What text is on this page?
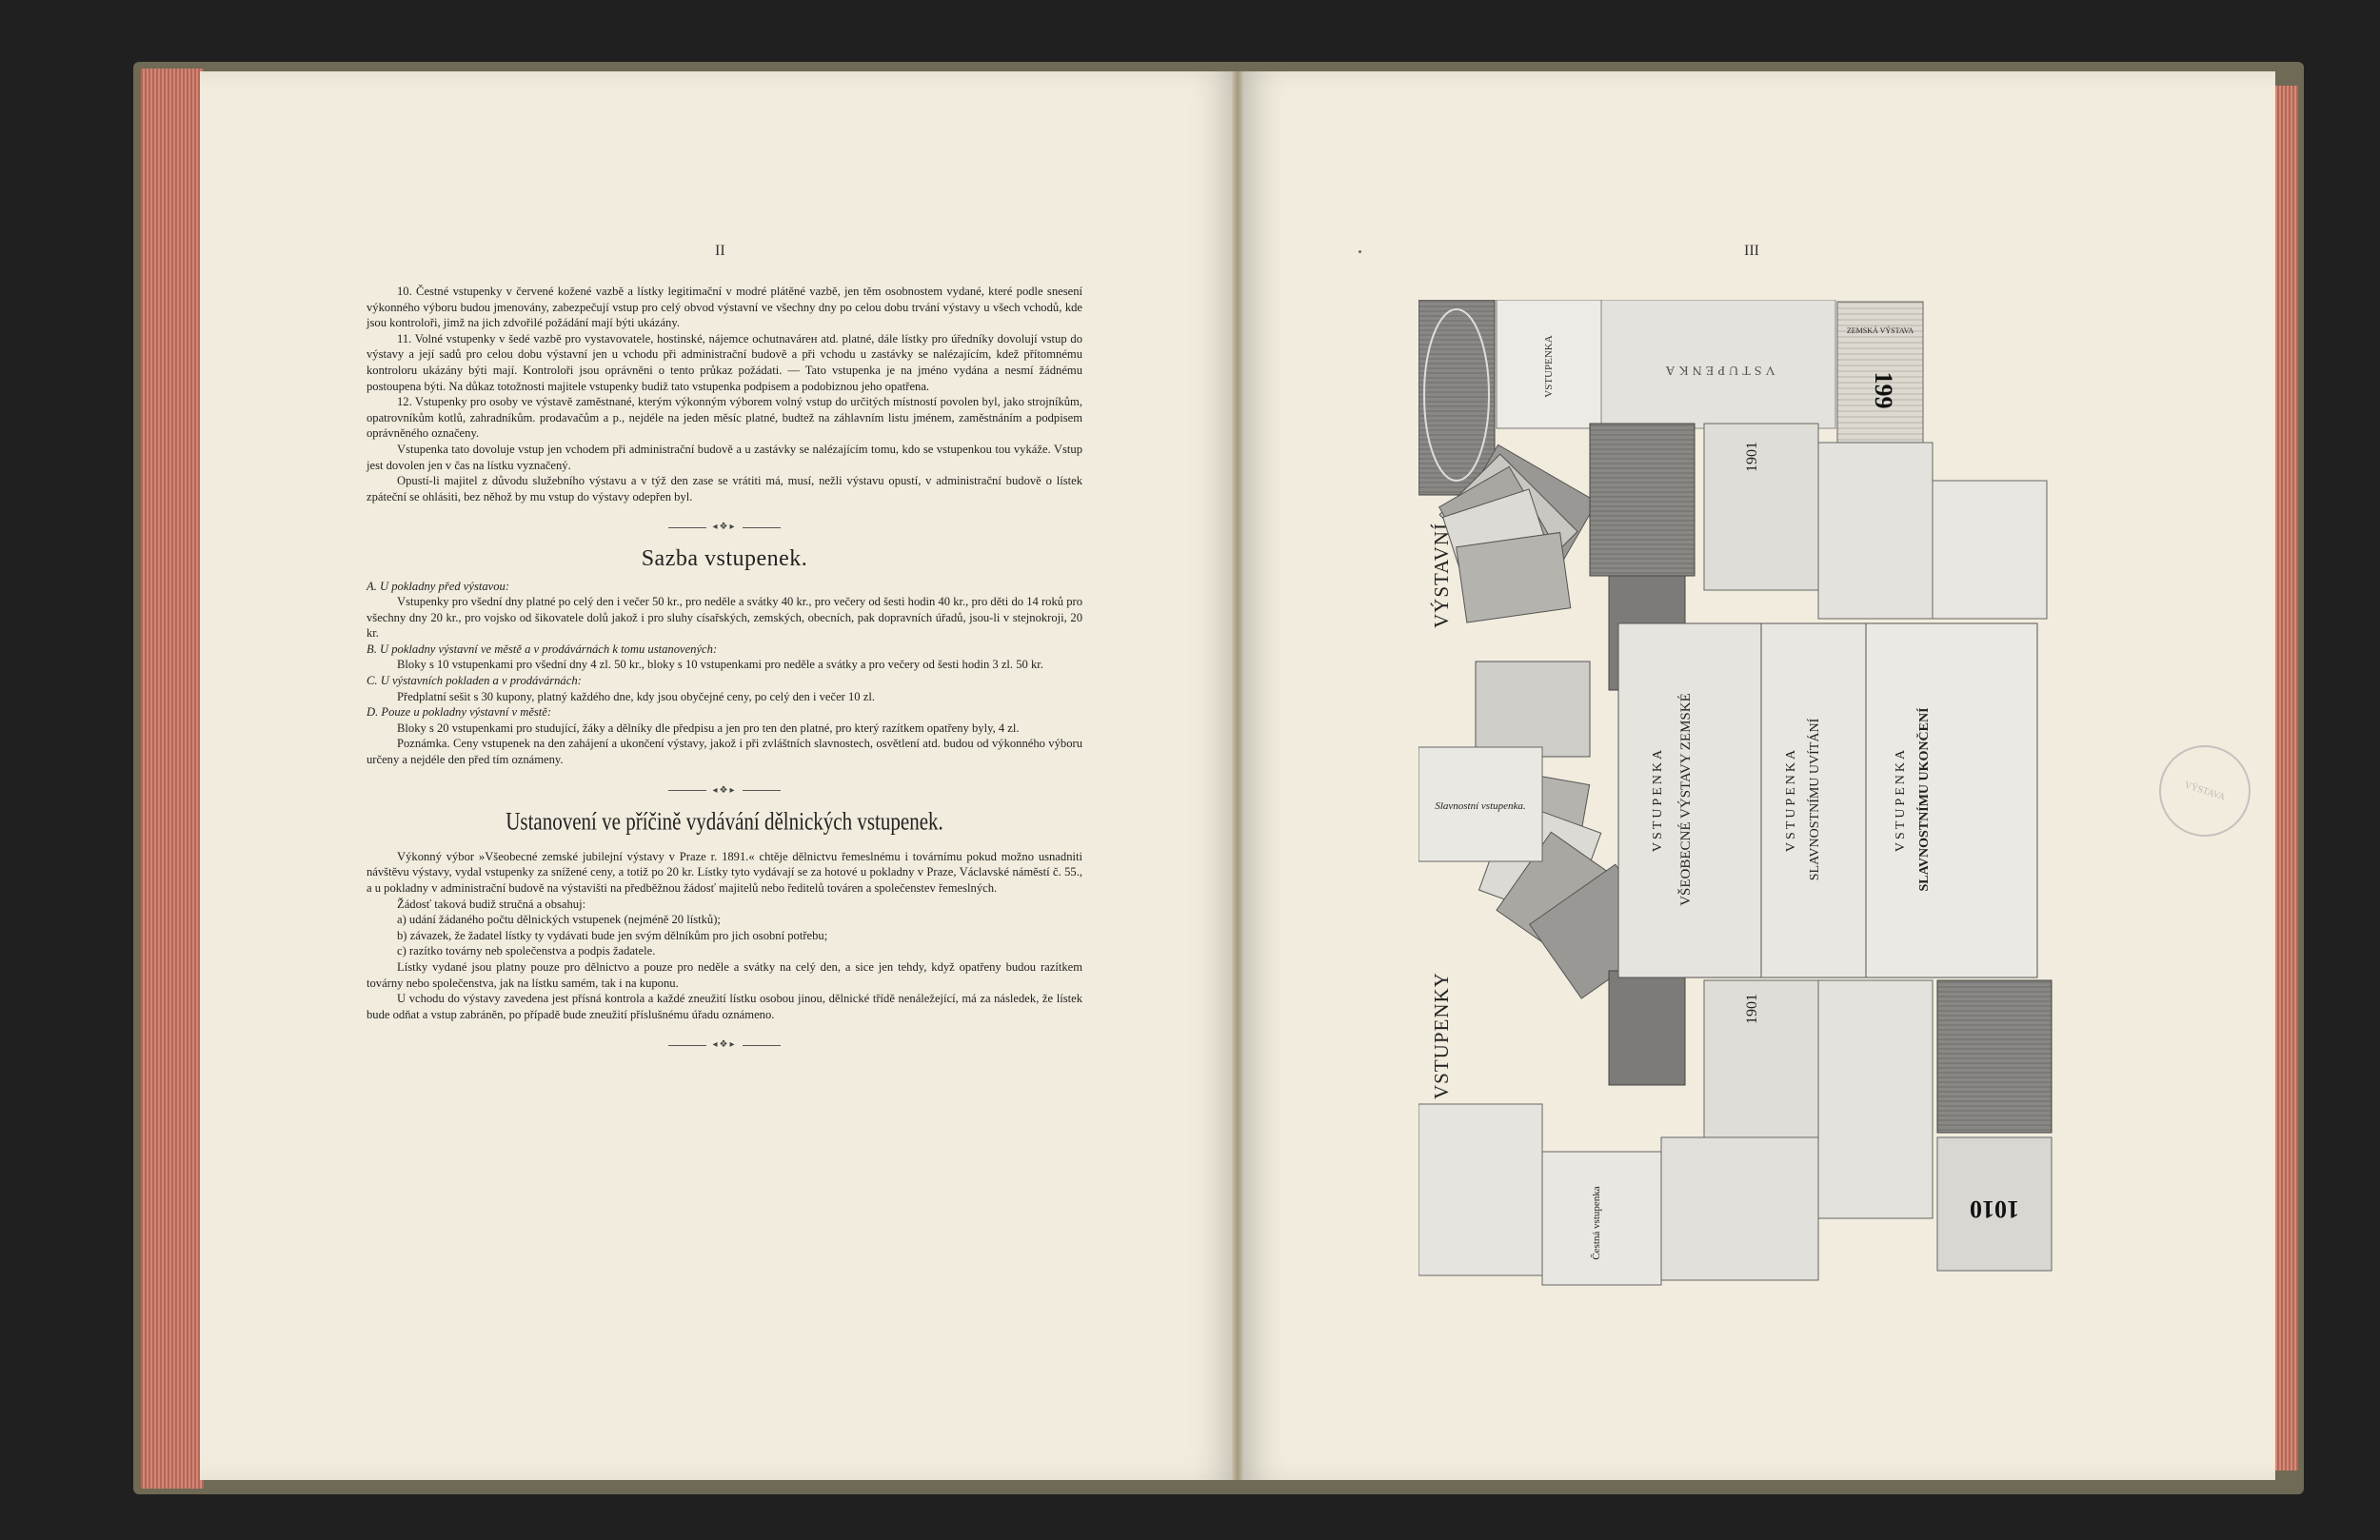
II	III

10. Čestné vstupenky v červené kožené vazbě a lístky legitimační v modré plátěné vazbě, jen těm osobnostem vydané, které podle snesení výkonného výboru budou jmenovány, zabezpečují vstup pro celý obvod výstavní ve všechny dny po celou dobu trvání výstavy u všech vchodů, kde jsou kontroloři, jimž na jich zdvořilé požádání mají býti ukázány.

11. Volné vstupenky v šedé vazbě pro vystavovatele, hostinské, nájemce ochutnavárен atd. platné, dále lístky pro úředníky dovolují vstup do výstavy a její sadů pro celou dobu výstavní jen u vchodu při administrační budově a při vchodu u zastávky se nalézajícím, kdež přítomnému kontroloru ukázány býti mají. Kontroloři jsou oprávněni o tento průkaz požádati. — Tato vstupenka je na jméno vydána a nesmí žádnému postoupena býti. Na důkaz totožnosti majitele vstupenky budiž tato vstupenka podpisem a podobiznou jeho opatřena.

12. Vstupenky pro osoby ve výstavě zaměstnané, kterým výkonným výborem volný vstup do určitých místností povolen byl, jako strojníkům, opatrovníkům kotlů, zahradníkům. prodavačům a p., nejdéle na jeden měsíc platné, budtež na záhlavním listu jménem, zaměstnáním a podpisem oprávněného označeny.

Vstupenka tato dovoluje vstup jen vchodem při administrační budově a u zastávky se nalézajícím tomu, kdo se vstupenkou tou vykáže. Vstup jest dovolen jen v čas na lístku vyznačený.

Opustí-li majitel z důvodu služebního výstavu a v týž den zase se vrátiti má, musí, nežli výstavu opustí, v administrační budově o lístek zpáteční se ohlásiti, bez něhož by mu vstup do výstavy odepřen byl.

◂❖▸
Sazba vstupenek.

A. U pokladny před výstavou:

Vstupenky pro všední dny platné po celý den i večer 50 kr., pro neděle a svátky 40 kr., pro večery od šesti hodin 40 kr., pro děti do 14 roků pro všechny dny 20 kr., pro vojsko od šikovatele dolů jakož i pro sluhy císařských, zemských, obecních, pak dopravních úřadů, jsou-li v stejnokroji, 20 kr.

B. U pokladny výstavní ve městě a v prodávárnách k tomu ustanovených:

Bloky s 10 vstupenkami pro všední dny 4 zl. 50 kr., bloky s 10 vstupenkami pro neděle a svátky a pro večery od šesti hodin 3 zl. 50 kr.

C. U výstavních pokladen a v prodávárnách:

Předplatní sešit s 30 kupony, platný každého dne, kdy jsou obyčejné ceny, po celý den i večer 10 zl.

D. Pouze u pokladny výstavní v městě:

Bloky s 20 vstupenkami pro studující, žáky a dělníky dle předpisu a jen pro ten den platné, pro který razítkem opatřeny byly, 4 zl.

Poznámka. Ceny vstupenek na den zahájení a ukončení výstavy, jakož i při zvláštních slavnostech, osvětlení atd. budou od výkonného výboru určeny a nejdéle den před tím oznámeny.

◂❖▸
Ustanovení ve příčině vydávání dělnických vstupenek.

Výkonný výbor »Všeobecné zemské jubilejní výstavy v Praze r. 1891.« chtěje dělnictvu řemeslnému i továrnímu pokud možno usnadniti návštěvu výstavy, vydal vstupenky za snížené ceny, a totiž po 20 kr. Lístky tyto vydávají se za hotové u pokladny v Praze, Václavské náměstí č. 55., a u pokladny v administrační budově na výstavišti na předběžnou žádosť majitelů nebo ředitelů továren a společenstev řemeslných.

Žádosť taková budiž stručná a obsahuj:

a) udání žádaného počtu dělnických vstupenek (nejméně 20 lístků);

b) závazek, že žadatel lístky ty vydávati bude jen svým dělníkům pro jich osobní potřebu;

c) razítko továrny neb společenstva a podpis žadatele.

Lístky vydané jsou platny pouze pro dělnictvo a pouze pro neděle a svátky na celý den, a sice jen tehdy, když opatřeny budou razítkem továrny nebo společenstva, jak na lístku samém, tak i na kuponu.

U vchodu do výstavy zavedena jest přísná kontrola a každé zneužití lístku osobou jinou, dělnické třídě nenáležející, má za následek, že lístek bude odňat a vstup zabráněn, po případě bude zneužití příslušnému úřadu oznámeno.

◂❖▸
VÝSTAVNÍ
VSTUPENKY
VSTUPENKA	VSTUPENKA
ZEMSKÁ VÝSTAVA
199
Slavnostní vstupenka.
1901
VSTUPENKA VŠEOBECNÉ VÝSTAVY ZEMSKÉ	VSTUPENKA SLAVNOSTNÍMU UVÍTÁNÍ	VSTUPENKA SLAVNOSTNÍMU UKONČENÍ
1901
1010
Čestná vstupenka
VÝSTAVA
